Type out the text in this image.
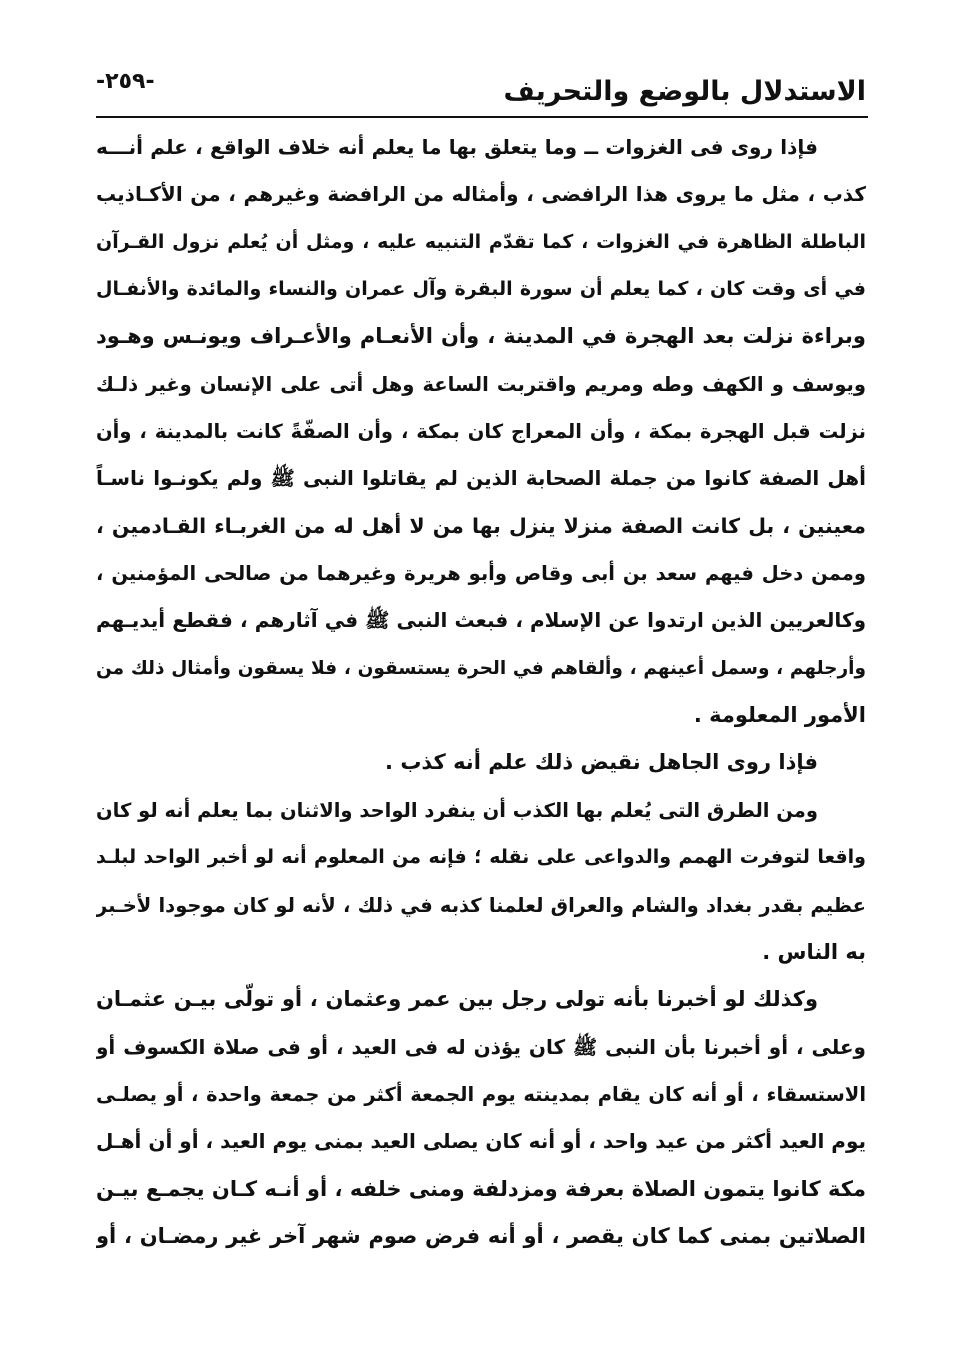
الاستدلال بالوضع والتحريف
-٢٥٩-
فإذا روى فى الغزوات ــ وما يتعلق بها ما يعلم أنه خلاف الواقع ، علم أنـــه
كذب ، مثل ما يروى هذا الرافضى ، وأمثاله من الرافضة وغيرهم ، من الأكـاذيب
الباطلة الظاهرة في الغزوات ، كما تقدّم التنبيه عليه ، ومثل أن يُعلم نزول القـرآن
في أى وقت كان ، كما يعلم أن سورة البقرة وآل عمران والنساء والمائدة والأنفـال
وبراءة نزلت بعد الهجرة في المدينة ، وأن الأنعـام والأعـراف ويونـس وهـود
ويوسف و الكهف وطه ومريم واقتربت الساعة وهل أتى على الإنسان وغير ذلـك
نزلت قبل الهجرة بمكة ، وأن المعراج كان بمكة ، وأن الصفّةً كانت بالمدينة ، وأن
أهل الصفة كانوا من جملة الصحابة الذين لم يقاتلوا النبى ﷺ ولم يكونـوا ناسـاً
معينين ، بل كانت الصفة منزلا ينزل بها من لا أهل له من الغربـاء القـادمين ،
وممن دخل فيهم سعد بن أبى وقاص وأبو هريرة وغيرهما من صالحى المؤمنين ،
وكالعريين الذين ارتدوا عن الإسلام ، فبعث النبى ﷺ في آثارهم ، فقطع أيديـهم
وأرجلهم ، وسمل أعينهم ، وألقاهم في الحرة يستسقون ، فلا يسقون وأمثال ذلك من
الأمور المعلومة .
فإذا روى الجاهل نقيض ذلك علم أنه كذب .
ومن الطرق التى يُعلم بها الكذب أن ينفرد الواحد والاثنان بما يعلم أنه لو كان
واقعا لتوفرت الهمم والدواعى على نقله ؛ فإنه من المعلوم أنه لو أخبر الواحد لبلـد
عظيم بقدر بغداد والشام والعراق لعلمنا كذبه في ذلك ، لأنه لو كان موجودا لأخـبر
به الناس .
وكذلك لو أخبرنا بأنه تولى رجل بين عمر وعثمان ، أو تولّى بيـن عثمـان
وعلى ، أو أخبرنا بأن النبى ﷺ كان يؤذن له فى العيد ، أو فى صلاة الكسوف أو
الاستسقاء ، أو أنه كان يقام بمدينته يوم الجمعة أكثر من جمعة واحدة ، أو يصلـى
يوم العيد أكثر من عيد واحد ، أو أنه كان يصلى العيد بمنى يوم العيد ، أو أن أهـل
مكة كانوا يتمون الصلاة بعرفة ومزدلفة ومنى خلفه ، أو أنـه كـان يجمـع بيـن
الصلاتين بمنى كما كان يقصر ، أو أنه فرض صوم شهر آخر غير رمضـان ، أو
